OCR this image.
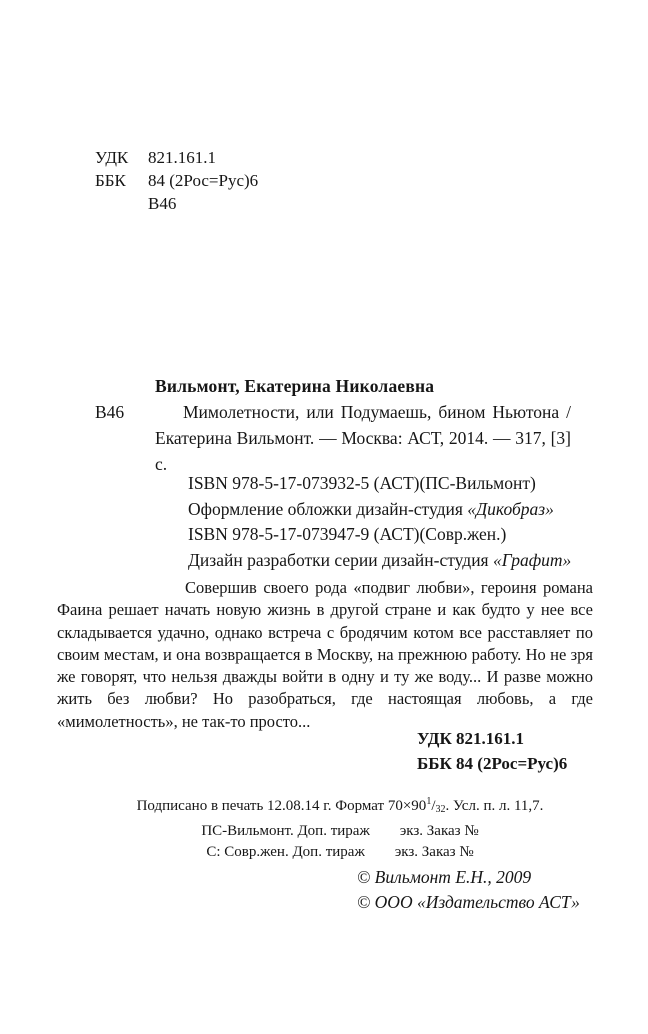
УДК	821.161.1
ББК	84 (2Рос=Рус)6
В46
Вильмонт, Екатерина Николаевна
В46	Мимолетности, или Подумаешь, бином Ньютона / Екатерина Вильмонт. — Москва: АСТ, 2014. — 317, [3] с.

ISBN 978-5-17-073932-5 (АСТ)(ПС-Вильмонт)
Оформление обложки дизайн-студия «Дикобраз»
ISBN 978-5-17-073947-9 (АСТ)(Совр.жен.)
Дизайн разработки серии дизайн-студия «Графит»

Совершив своего рода «подвиг любви», героиня романа Фаина решает начать новую жизнь в другой стране и как будто у нее все складывается удачно, однако встреча с бродячим котом все расставляет по своим местам, и она возвращается в Москву, на прежнюю работу. Но не зря же говорят, что нельзя дважды войти в одну и ту же воду... И разве можно жить без любви? Но разобраться, где настоящая любовь, а где «мимолетность», не так-то просто...

УДК 821.161.1
ББК 84 (2Рос=Рус)6
Подписано в печать 12.08.14 г. Формат $70\times 90^1/_{32}$. Усл. п. л. 11,7.
ПС-Вильмонт. Доп. тираж экз. Заказ №
С: Совр.жен. Доп. тираж экз. Заказ №
© Вильмонт Е.Н., 2009
© ООО «Издательство АСТ»
